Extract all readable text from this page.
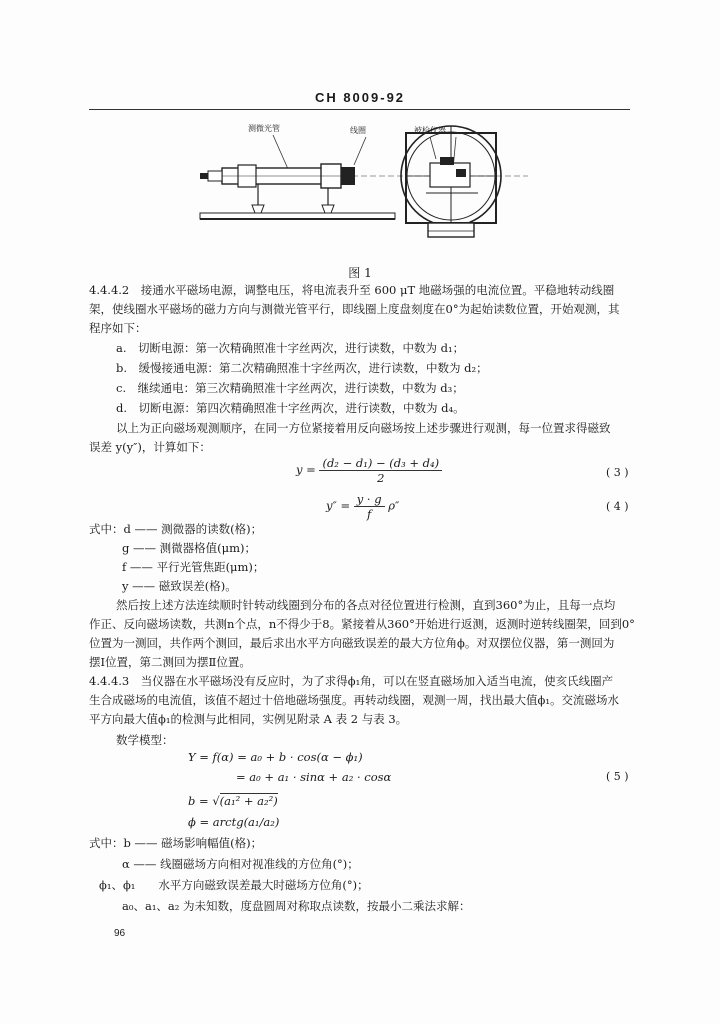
CH 8009-92
测微光管	线圈	被检仪器
图 1
4.4.4.2　接通水平磁场电源，调整电压，将电流表升至 600 μT 地磁场强的电流位置。平稳地转动线圈
架，使线圈水平磁场的磁力方向与测微光管平行，即线圈上度盘刻度在0°为起始读数位置，开始观测，其
程序如下：
a.　 切断电源：第一次精确照准十字丝两次，进行读数，中数为 d₁；
b.　 缓慢接通电源：第二次精确照准十字丝两次，进行读数，中数为 d₂；
c.　 继续通电：第三次精确照准十字丝两次，进行读数，中数为 d₃；
d.　 切断电源：第四次精确照准十字丝两次，进行读数，中数为 d₄。
以上为正向磁场观测顺序，在同一方位紧接着用反向磁场按上述步骤进行观测，每一位置求得磁致
误差 y(y″)，计算如下：
$y = \frac{\text{(d₂ − d₁) − (d₃ + d₄)}}{2}$	( 3 )
$y'' = \frac{y \cdot g}{f} \rho''$	( 4 )
式中：d —— 测微器的读数(格)；
g —— 测微器格值(μm)；
f —— 平行光管焦距(μm)；
y —— 磁致误差(格)。
然后按上述方法连续顺时针转动线圈到分布的各点对径位置进行检测，直到360°为止，且每一点均
作正、反向磁场读数，共测n个点，n不得少于8。紧接着从360°开始进行返测，返测时逆转线圈架，回到0°
位置为一测回，共作两个测回，最后求出水平方向磁致误差的最大方位角ϕ。对双摆位仪器，第一测回为
摆Ⅰ位置，第二测回为摆Ⅱ位置。
4.4.4.3　当仪器在水平磁场没有反应时，为了求得ϕ₁角，可以在竖直磁场加入适当电流，使亥氏线圈产
生合成磁场的电流值，该值不超过十倍地磁场强度。再转动线圈，观测一周，找出最大值ϕ₁。交流磁场水
平方向最大值ϕ₁的检测与此相同，实例见附录 A 表 2 与表 3。
数学模型：
Y = f(α) = a₀ + b · cos(α − ϕ₁)
= a₀ + a₁ · sinα + a₂ · cosα	( 5 )
b = √(a₁² + a₂²)
ϕ = arctg(a₁/a₂)
式中：b —— 磁场影响幅值(格)；
α —— 线圈磁场方向相对视准线的方位角(°)；
ϕ₁、ϕ₁　　水平方向磁致误差最大时磁场方位角(°)；
a₀、a₁、a₂ 为未知数，度盘圆周对称取点读数，按最小二乘法求解：
96
